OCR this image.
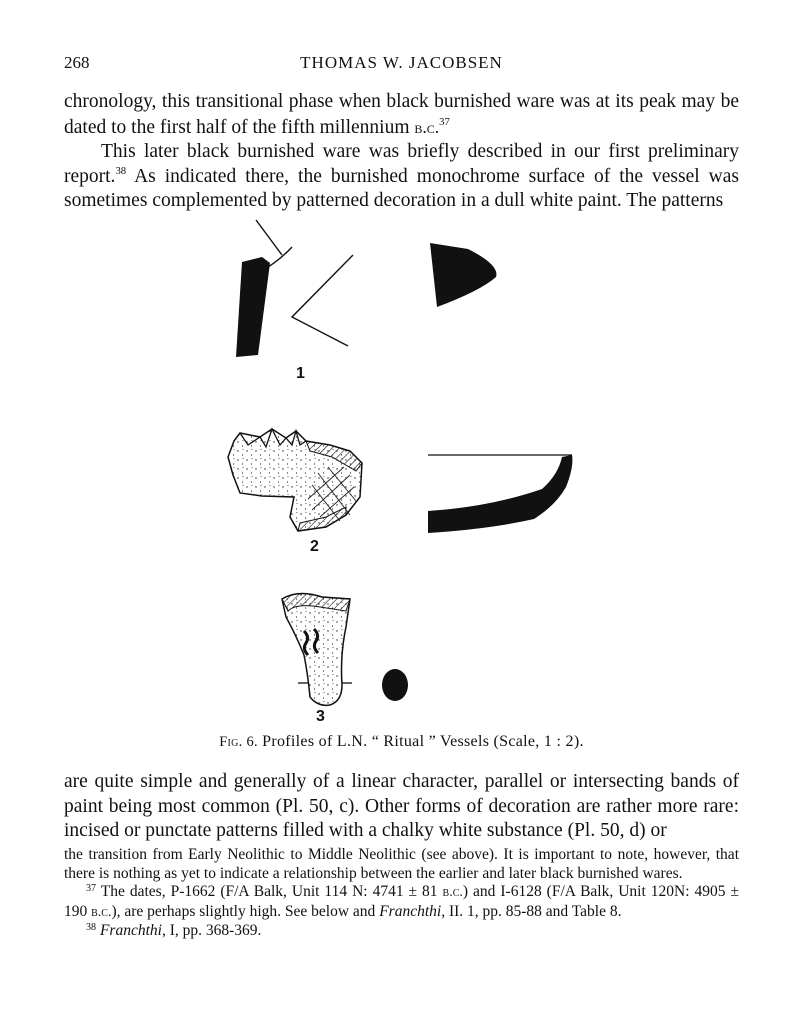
268	THOMAS W. JACOBSEN

chronology, this transitional phase when black burnished ware was at its peak may be dated to the first half of the fifth millennium b.c.$^{37}$

This later black burnished ware was briefly described in our first preliminary report.$^{38}$ As indicated there, the burnished monochrome surface of the vessel was sometimes complemented by patterned decoration in a dull white paint. The patterns

1
2
3
Fig. 6. Profiles of L.N. “ Ritual ” Vessels (Scale, 1 : 2).

are quite simple and generally of a linear character, parallel or intersecting bands of paint being most common (Pl. 50, c). Other forms of decoration are rather more rare: incised or punctate patterns filled with a chalky white substance (Pl. 50, d) or

the transition from Early Neolithic to Middle Neolithic (see above). It is important to note, however, that there is nothing as yet to indicate a relationship between the earlier and later black burnished wares.

$^{37}$ The dates, P-1662 (F/A Balk, Unit 114 N: 4741 ± 81 b.c.) and I-6128 (F/A Balk, Unit 120N: 4905 ± 190 b.c.), are perhaps slightly high. See below and Franchthi, II. 1, pp. 85-88 and Table 8.

$^{38}$ Franchthi, I, pp. 368-369.
